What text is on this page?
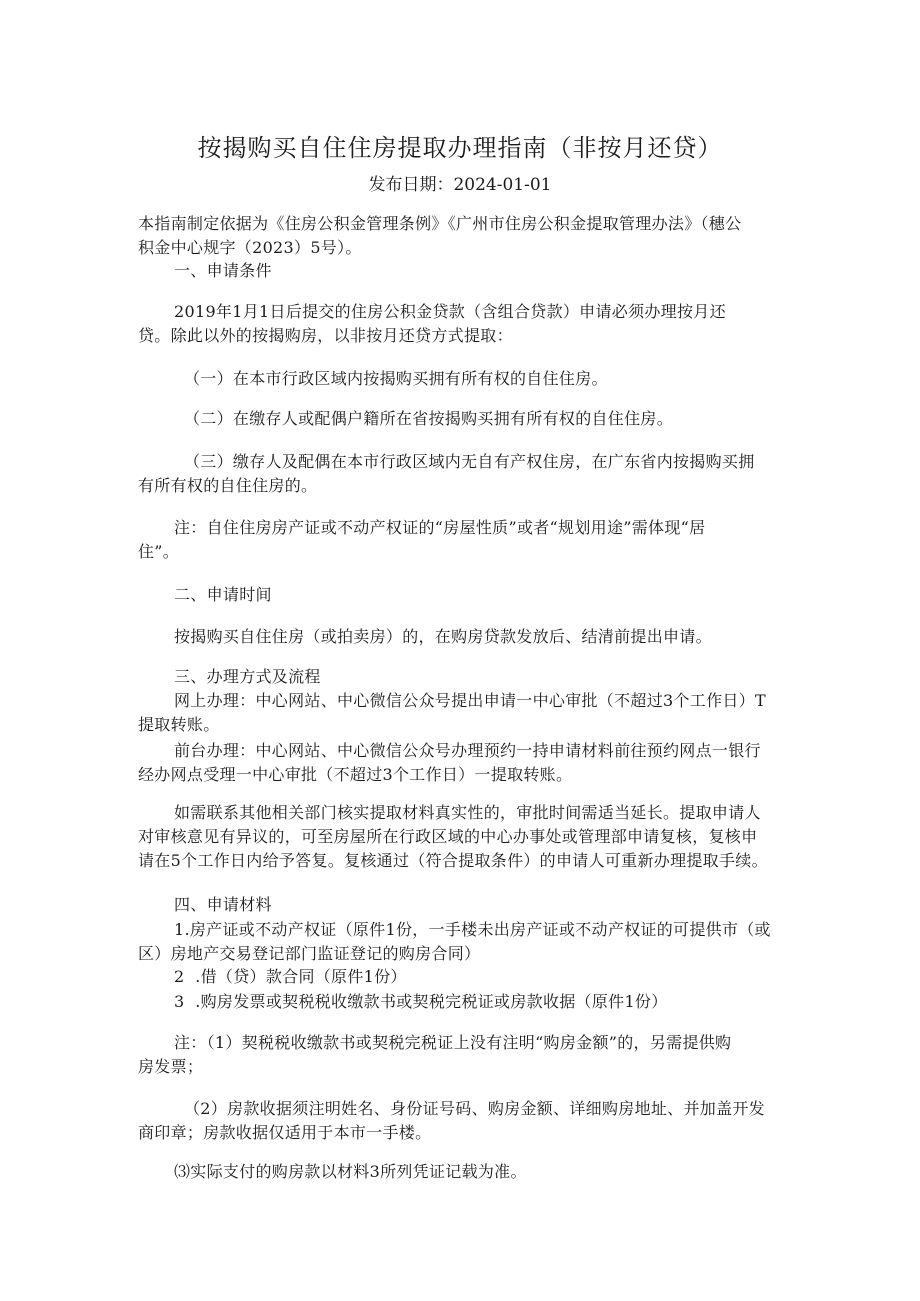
按揭购买自住住房提取办理指南（非按月还贷）
发布日期：2024-01-01
本指南制定依据为《住房公积金管理条例》《广州市住房公积金提取管理办法》（穗公
积金中心规字（2023）5号）。
一、申请条件
2019年1月1日后提交的住房公积金贷款（含组合贷款）申请必须办理按月还
贷。除此以外的按揭购房，以非按月还贷方式提取：
（一）在本市行政区域内按揭购买拥有所有权的自住住房。
（二）在缴存人或配偶户籍所在省按揭购买拥有所有权的自住住房。
（三）缴存人及配偶在本市行政区域内无自有产权住房，在广东省内按揭购买拥
有所有权的自住住房的。
注：自住住房房产证或不动产权证的“房屋性质”或者“规划用途”需体现“居
住”。
二、申请时间
按揭购买自住住房（或拍卖房）的，在购房贷款发放后、结清前提出申请。
三、办理方式及流程
网上办理：中心网站、中心微信公众号提出申请一中心审批（不超过3个工作日）T
提取转账。
前台办理：中心网站、中心微信公众号办理预约一持申请材料前往预约网点一银行
经办网点受理一中心审批（不超过3个工作日）一提取转账。
如需联系其他相关部门核实提取材料真实性的，审批时间需适当延长。提取申请人
对审核意见有异议的，可至房屋所在行政区域的中心办事处或管理部申请复核，复核申
请在5个工作日内给予答复。复核通过（符合提取条件）的申请人可重新办理提取手续。
四、申请材料
1.房产证或不动产权证（原件1份，一手楼未出房产证或不动产权证的可提供市（或
区）房地产交易登记部门监证登记的购房合同）
2  .借（贷）款合同（原件1份）
3  .购房发票或契税税收缴款书或契税完税证或房款收据（原件1份）
注：（1）契税税收缴款书或契税完税证上没有注明“购房金额”的，另需提供购
房发票；
（2）房款收据须注明姓名、身份证号码、购房金额、详细购房地址、并加盖开发
商印章；房款收据仅适用于本市一手楼。
⑶实际支付的购房款以材料3所列凭证记载为准。
